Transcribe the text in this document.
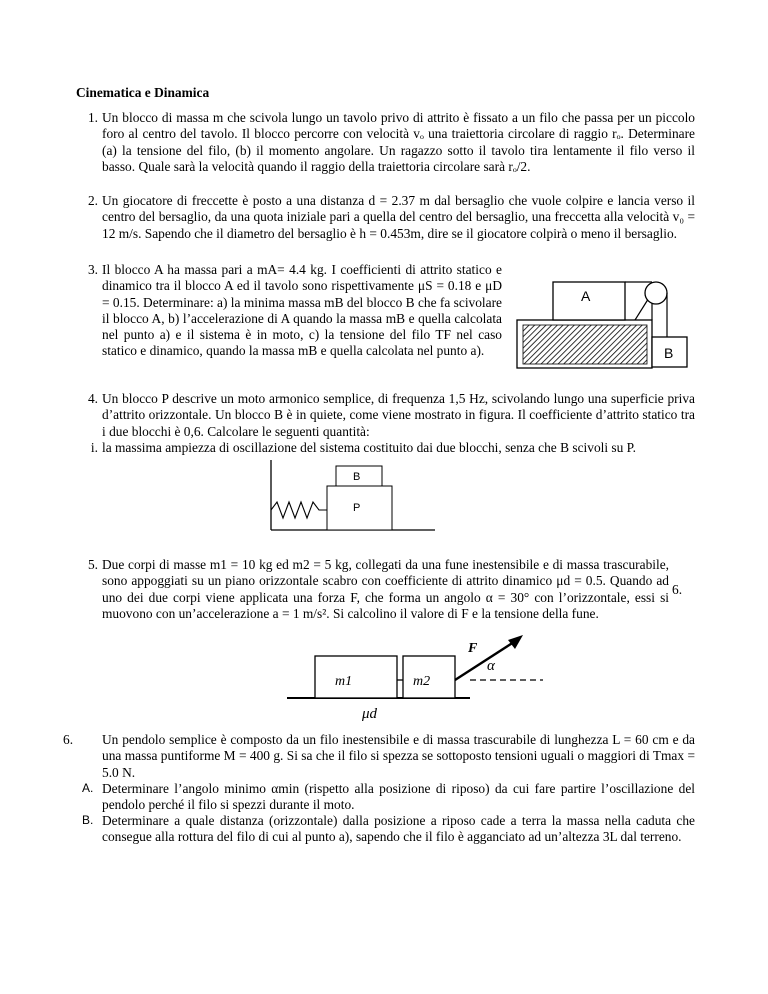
Cinematica e Dinamica
1. Un blocco di massa m che scivola lungo un tavolo privo di attrito è fissato a un filo che passa per un piccolo foro al centro del tavolo. Il blocco percorre con velocità vₒ una traiettoria circolare di raggio rₒ. Determinare (a) la tensione del filo, (b) il momento angolare. Un ragazzo sotto il tavolo tira lentamente il filo verso il basso. Quale sarà la velocità quando il raggio della traiettoria circolare sarà rₒ/2.
2. Un giocatore di freccette è posto a una distanza d = 2.37 m dal bersaglio che vuole colpire e lancia verso il centro del bersaglio, da una quota iniziale pari a quella del centro del bersaglio, una freccetta alla velocità v₀ = 12 m/s. Sapendo che il diametro del bersaglio è h = 0.453m, dire se il giocatore colpirà o meno il bersaglio.
3. Il blocco A ha massa pari a mA= 4.4 kg. I coefficienti di attrito statico e dinamico tra il blocco A ed il tavolo sono rispettivamente μS = 0.18 e μD = 0.15. Determinare: a) la minima massa mB del blocco B che fa scivolare il blocco A, b) l’accelerazione di A quando la massa mB e quella calcolata nel punto a) e il sistema è in moto, c) la tensione del filo TF nel caso statico e dinamico, quando la massa mB e quella calcolata nel punto a).
A
B
4. Un blocco P descrive un moto armonico semplice, di frequenza 1,5 Hz, scivolando lungo una superficie priva d’attrito orizzontale. Un blocco B è in quiete, come viene mostrato in figura. Il coefficiente d’attrito statico tra i due blocchi è 0,6. Calcolare le seguenti quantità:
i. la massima ampiezza di oscillazione del sistema costituito dai due blocchi, senza che B scivoli su P.
P
B
5. Due corpi di masse m1 = 10 kg ed m2 = 5 kg, collegati da una fune inestensibile e di massa trascurabile, sono appoggiati su un piano orizzontale scabro con coefficiente di attrito dinamico μd = 0.5. Quando ad uno dei due corpi viene applicata una forza F, che forma un angolo α = 30° con l’orizzontale, essi si muovono con un’accelerazione a = 1 m/s². Si calcolino il valore di F e la tensione della fune.
6.
m1	m2
F
α
μd
6. Un pendolo semplice è composto da un filo inestensibile e di massa trascurabile di lunghezza L = 60 cm e da una massa puntiforme M = 400 g. Si sa che il filo si spezza se sottoposto tensioni uguali o maggiori di Tmax = 5.0 N.
A. Determinare l’angolo minimo αmin (rispetto alla posizione di riposo) da cui fare partire l’oscillazione del pendolo perché il filo si spezzi durante il moto.
B. Determinare a quale distanza (orizzontale) dalla posizione a riposo cade a terra la massa nella caduta che consegue alla rottura del filo di cui al punto a), sapendo che il filo è agganciato ad un’altezza 3L dal terreno.
